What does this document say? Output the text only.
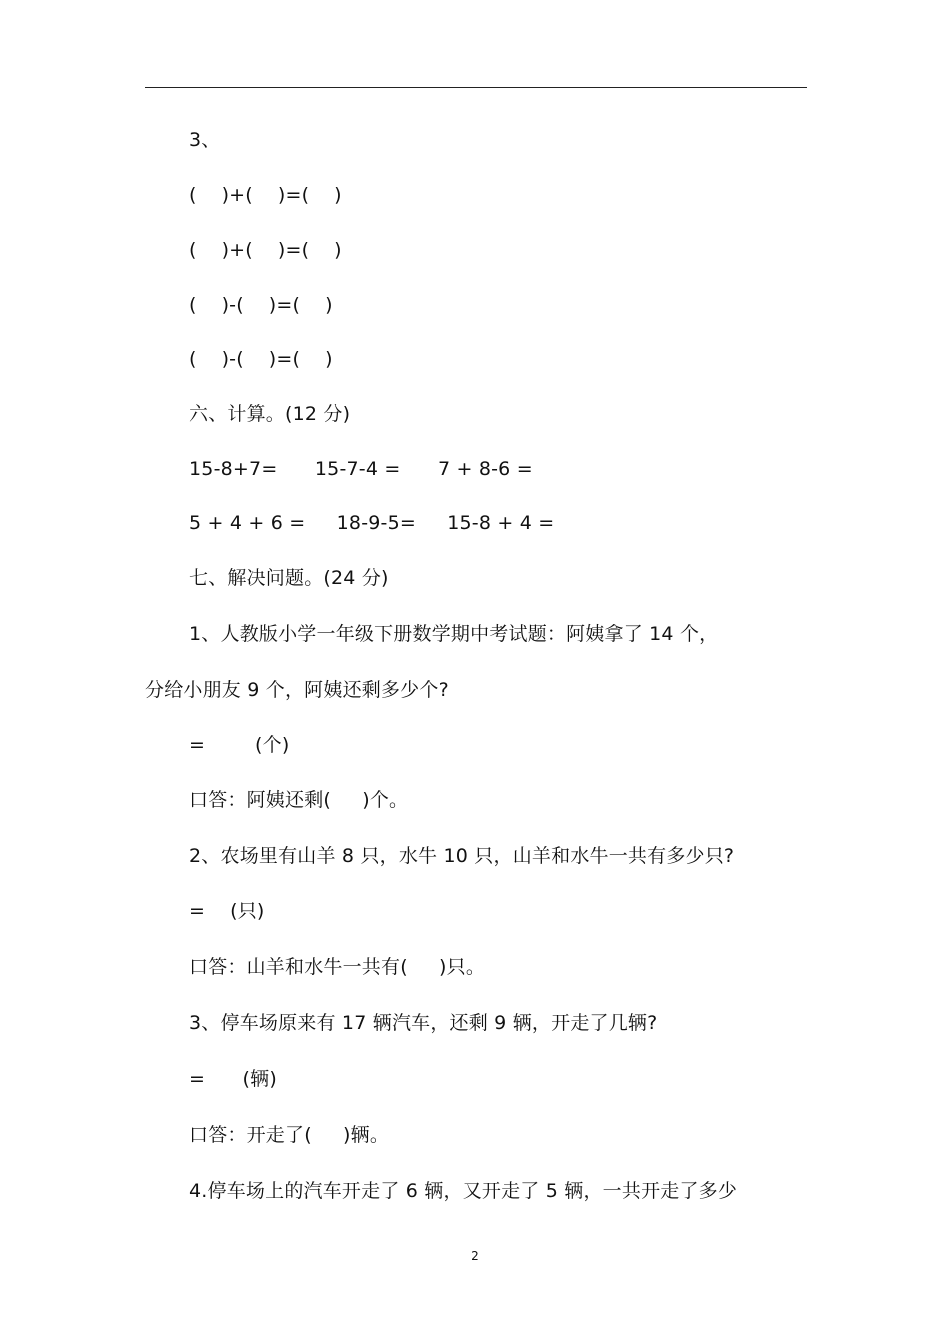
3、
(    )+(    )=(    )
(    )+(    )=(    )
(    )-(    )=(    )
(    )-(    )=(    )
六、计算。(12 分)
15-8+7=      15-7-4 =      7 + 8-6 =
5 + 4 + 6 =     18-9-5=     15-8 + 4 =
七、解决问题。(24 分)
1、人教版小学一年级下册数学期中考试题：阿姨拿了 14 个，
分给小朋友 9 个，阿姨还剩多少个?
=        (个)
口答：阿姨还剩(     )个。
2、农场里有山羊 8 只，水牛 10 只，山羊和水牛一共有多少只?
=    (只)
口答：山羊和水牛一共有(     )只。
3、停车场原来有 17 辆汽车，还剩 9 辆，开走了几辆?
=      (辆)
口答：开走了(     )辆。
4.停车场上的汽车开走了 6 辆，又开走了 5 辆，一共开走了多少
2
